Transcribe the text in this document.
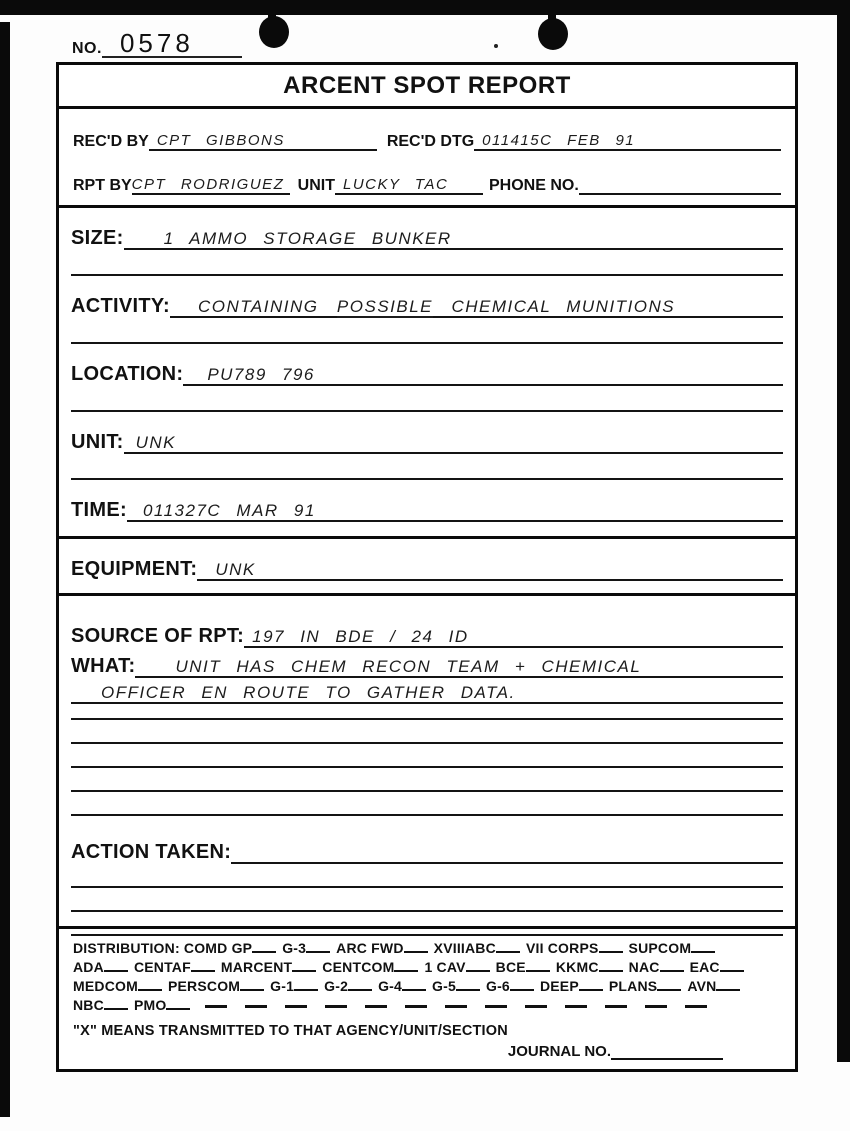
NO. 0578
ARCENT SPOT REPORT
REC'D BY CPT GIBBONS	REC'D DTG 011415C FEB 91
RPT BY CPT RODRIGUEZ UNIT LUCKY TAC	PHONE NO.
SIZE:	1 AMMO STORAGE BUNKER
ACTIVITY:	CONTAINING POSSIBLE CHEMICAL MUNITIONS
LOCATION:	PU789 796
UNIT: UNK
TIME: 011327C MAR 91
EQUIPMENT:	UNK
SOURCE OF RPT: 197 IN BDE / 24 ID
WHAT:	UNIT HAS CHEM RECON TEAM + CHEMICAL
OFFICER EN ROUTE TO GATHER DATA.
ACTION TAKEN:
DISTRIBUTION: COMD GP G-3 ARC FWD XVIIIABC VII CORPS SUPCOM
ADA CENTAF MARCENT CENTCOM 1 CAV BCE KKMC NAC EAC
MEDCOM PERSCOM G-1 G-2 G-4 G-5 G-6 DEEP PLANS AVN
NBC PMO
"X" MEANS TRANSMITTED TO THAT AGENCY/UNIT/SECTION
JOURNAL NO.
